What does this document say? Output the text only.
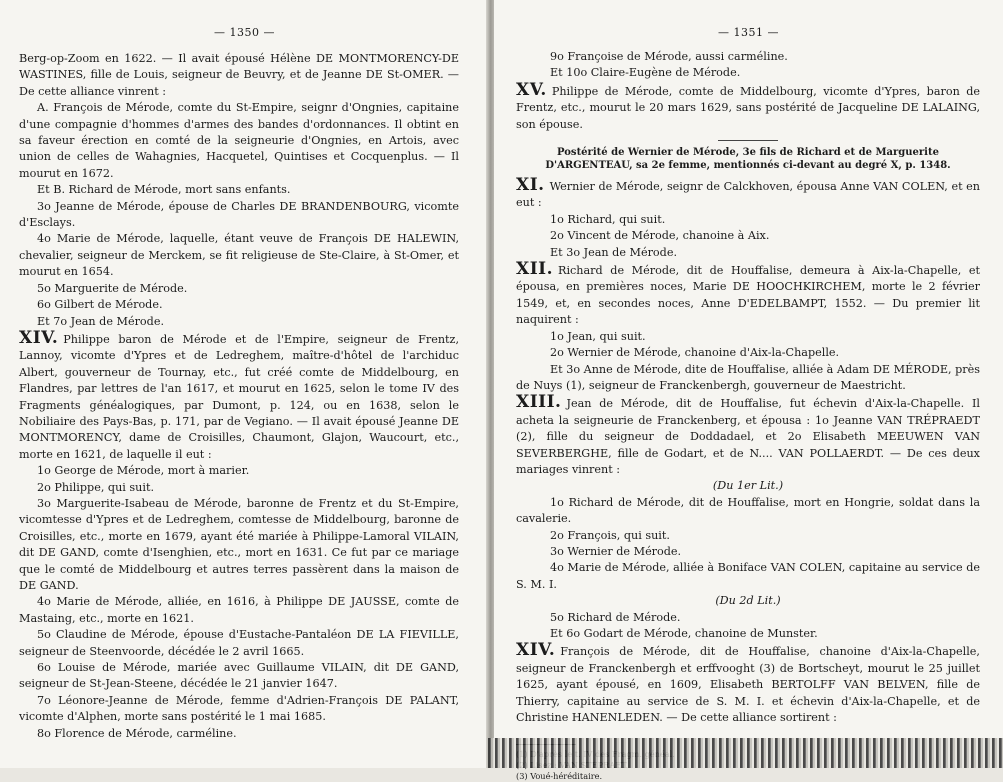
— 1350 —

Berg-op-Zoom en 1622. — Il avait épousé Hélène DE MONTMORENCY-DE WASTINES, fille de Louis, seigneur de Beuvry, et de Jeanne DE St-OMER. — De cette alliance vinrent :

A. François de Mérode, comte du St-Empire, seignr d'Ongnies, capitaine d'une compagnie d'hommes d'armes des bandes d'ordonnances. Il obtint en sa faveur érection en comté de la seigneurie d'Ongnies, en Artois, avec union de celles de Wahagnies, Hacquetel, Quintises et Cocquenplus. — Il mourut en 1672.

Et B. Richard de Mérode, mort sans enfants.

3o Jeanne de Mérode, épouse de Charles DE BRANDENBOURG, vicomte d'Esclays.

4o Marie de Mérode, laquelle, étant veuve de François DE HALEWIN, chevalier, seigneur de Merckem, se fit religieuse de Ste-Claire, à St-Omer, et mourut en 1654.

5o Marguerite de Mérode.

6o Gilbert de Mérode.

Et 7o Jean de Mérode.

XIV. Philippe baron de Mérode et de l'Empire, seigneur de Frentz, Lannoy, vicomte d'Ypres et de Ledreghem, maître-d'hôtel de l'archiduc Albert, gouverneur de Tournay, etc., fut créé comte de Middelbourg, en Flandres, par lettres de l'an 1617, et mourut en 1625, selon le tome IV des Fragments généalogiques, par Dumont, p. 124, ou en 1638, selon le Nobiliaire des Pays-Bas, p. 171, par de Vegiano. — Il avait épousé Jeanne DE MONTMORENCY, dame de Croisilles, Chaumont, Glajon, Waucourt, etc., morte en 1621, de laquelle il eut :

1o George de Mérode, mort à marier.

2o Philippe, qui suit.

3o Marguerite-Isabeau de Mérode, baronne de Frentz et du St-Empire, vicomtesse d'Ypres et de Ledreghem, comtesse de Middelbourg, baronne de Croisilles, etc., morte en 1679, ayant été mariée à Philippe-Lamoral VILAIN, dit DE GAND, comte d'Isenghien, etc., mort en 1631. Ce fut par ce mariage que le comté de Middelbourg et autres terres passèrent dans la maison de DE GAND.

4o Marie de Mérode, alliée, en 1616, à Philippe DE JAUSSE, comte de Mastaing, etc., morte en 1621.

5o Claudine de Mérode, épouse d'Eustache-Pantaléon DE LA FIEVILLE, seigneur de Steenvoorde, décédée le 2 avril 1665.

6o Louise de Mérode, mariée avec Guillaume VILAIN, dit DE GAND, seigneur de St-Jean-Steene, décédée le 21 janvier 1647.

7o Léonore-Jeanne de Mérode, femme d'Adrien-François DE PALANT, vicomte d'Alphen, morte sans postérité le 1 mai 1685.

8o Florence de Mérode, carméline.

— 1351 —

9o Françoise de Mérode, aussi carméline.

Et 10o Claire-Eugène de Mérode.

XV. Philippe de Mérode, comte de Middelbourg, vicomte d'Ypres, baron de Frentz, etc., mourut le 20 mars 1629, sans postérité de Jacqueline DE LALAING, son épouse.

Postérité de Wernier de Mérode, 3e fils de Richard et de Marguerite D'ARGENTEAU, sa 2e femme, mentionnés ci-devant au degré X, p. 1348.

XI. Wernier de Mérode, seignr de Calckhoven, épousa Anne VAN COLEN, et en eut :

1o Richard, qui suit.

2o Vincent de Mérode, chanoine à Aix.

Et 3o Jean de Mérode.

XII. Richard de Mérode, dit de Houffalise, demeura à Aix-la-Chapelle, et épousa, en premières noces, Marie DE HOOCHKIRCHEM, morte le 2 février 1549, et, en secondes noces, Anne D'EDELBAMPT, 1552. — Du premier lit naquirent :

1o Jean, qui suit.

2o Wernier de Mérode, chanoine d'Aix-la-Chapelle.

Et 3o Anne de Mérode, dite de Houffalise, alliée à Adam DE MÉRODE, près de Nuys (1), seigneur de Franckenbergh, gouverneur de Maestricht.

XIII. Jean de Mérode, dit de Houffalise, fut échevin d'Aix-la-Chapelle. Il acheta la seigneurie de Franckenberg, et épousa : 1o Jeanne VAN TRÉPRAEDT (2), fille du seigneur de Doddadael, et 2o Elisabeth MEEUWEN VAN SEVERBERGHE, fille de Godart, et de N.... VAN POLLAERDT. — De ces deux mariages vinrent :

(Du 1er Lit.)

1o Richard de Mérode, dit de Houffalise, mort en Hongrie, soldat dans la cavalerie.

2o François, qui suit.

3o Wernier de Mérode.

4o Marie de Mérode, alliée à Boniface VAN COLEN, capitaine au service de S. M. I.

(Du 2d Lit.)

5o Richard de Mérode.

Et 6o Godart de Mérode, chanoine de Munster.

XIV. François de Mérode, dit de Houffalise, chanoine d'Aix-la-Chapelle, seigneur de Franckenbergh et erffvooght (3) de Bortscheyt, mourut le 25 juillet 1625, ayant épousé, en 1609, Elisabeth BERTOLFF VAN BELVEN, fille de Thierry, capitaine au service de S. M. I. et échevin d'Aix-la-Chapelle, et de Christine HANENLEDEN. — De cette alliance sortirent :

(3) Voué-héréditaire.
